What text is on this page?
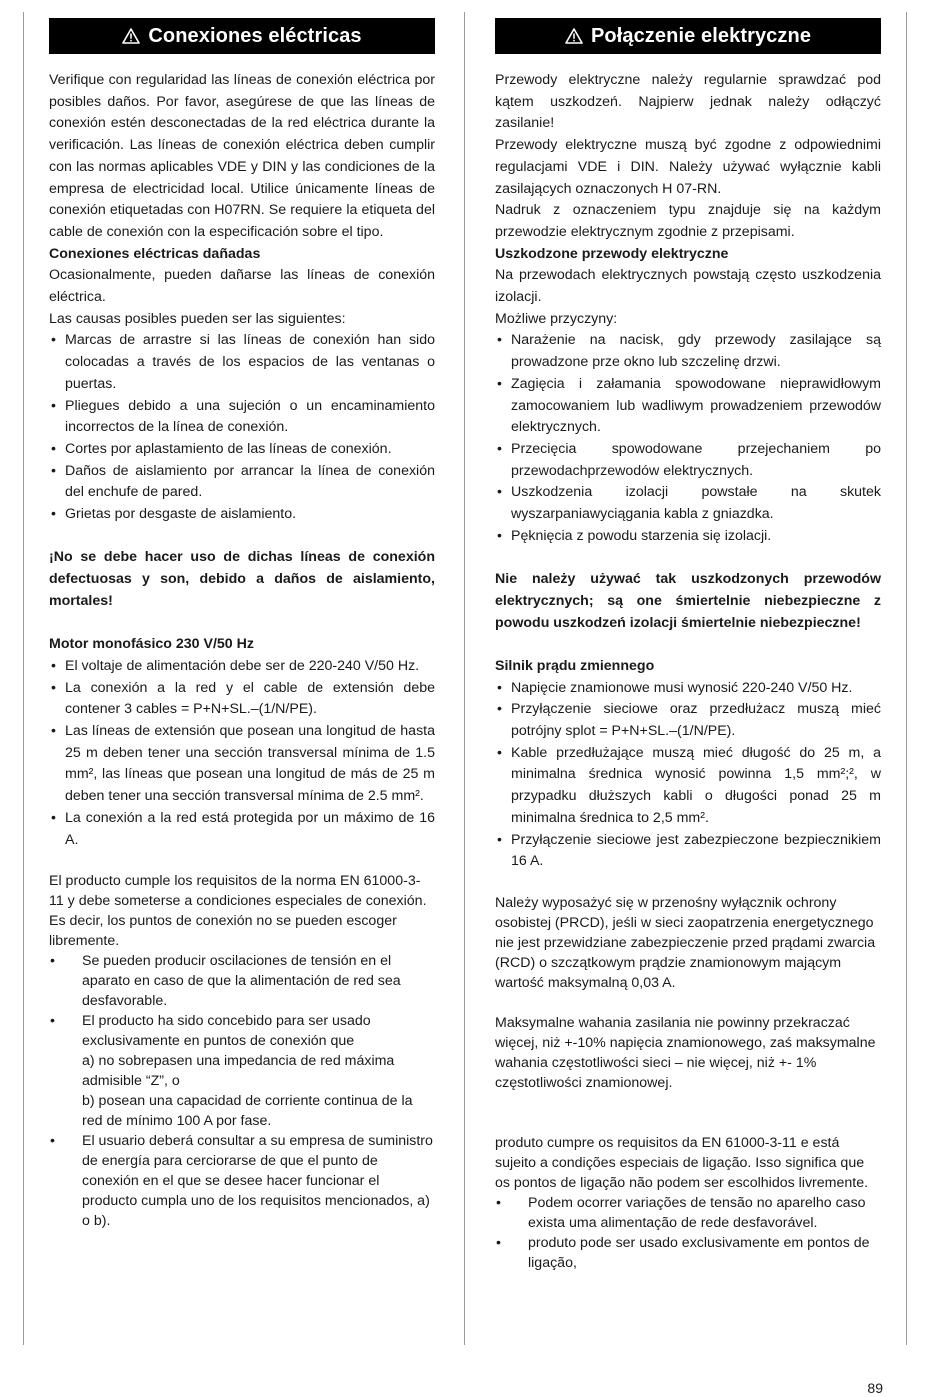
Conexiones eléctricas

Verifique con regularidad las líneas de conexión eléctrica por posibles daños. Por favor, asegúrese de que las líneas de conexión estén desconectadas de la red eléctrica durante la verificación. Las líneas de conexión eléctrica deben cumplir con las normas aplicables VDE y DIN y las condiciones de la empresa de electricidad local. Utilice únicamente líneas de conexión etiquetadas con H07RN. Se requiere la etiqueta del cable de conexión con la especificación sobre el tipo.

Conexiones eléctricas dañadas

Ocasionalmente, pueden dañarse las líneas de conexión eléctrica.

Las causas posibles pueden ser las siguientes:

• Marcas de arrastre si las líneas de conexión han sido colocadas a través de los espacios de las ventanas o puertas.
• Pliegues debido a una sujeción o un encaminamiento incorrectos de la línea de conexión.
• Cortes por aplastamiento de las líneas de conexión.
• Daños de aislamiento por arrancar la línea de conexión del enchufe de pared.
• Grietas por desgaste de aislamiento.

¡No se debe hacer uso de dichas líneas de conexión defectuosas y son, debido a daños de aislamiento, mortales!

Motor monofásico 230 V/50 Hz

• El voltaje de alimentación debe ser de 220-240 V/50 Hz.
• La conexión a la red y el cable de extensión debe contener 3 cables = P+N+SL.–(1/N/PE).
• Las líneas de extensión que posean una longitud de hasta 25 m deben tener una sección transversal mínima de 1.5 mm², las líneas que posean una longitud de más de 25 m deben tener una sección transversal mínima de 2.5 mm².
• La conexión a la red está protegida por un máximo de 16 A.

El producto cumple los requisitos de la norma EN 61000-3-11 y debe someterse a condiciones especiales de conexión. Es decir, los puntos de conexión no se pueden escoger libremente.

• Se pueden producir oscilaciones de tensión en el aparato en caso de que la alimentación de red sea desfavorable.
• El producto ha sido concebido para ser usado exclusivamente en puntos de conexión que
a) no sobrepasen una impedancia de red máxima admisible “Z”, o
b) posean una capacidad de corriente continua de la red de mínimo 100 A por fase.
• El usuario deberá consultar a su empresa de suministro de energía para cerciorarse de que el punto de conexión en el que se desee hacer funcionar el producto cumpla uno de los requisitos mencionados, a) o b).
Połączenie elektryczne

Przewody elektryczne należy regularnie sprawdzać pod kątem uszkodzeń. Najpierw jednak należy odłączyć zasilanie!

Przewody elektryczne muszą być zgodne z odpowiednimi regulacjami VDE i DIN. Należy używać wyłącznie kabli zasilających oznaczonych H 07-RN.

Nadruk z oznaczeniem typu znajduje się na każdym przewodzie elektrycznym zgodnie z przepisami.

Uszkodzone przewody elektryczne

Na przewodach elektrycznych powstają często uszkodzenia izolacji.

Możliwe przyczyny:

• Narażenie na nacisk, gdy przewody zasilające są prowadzone prze okno lub szczelinę drzwi.
• Zagięcia i załamania spowodowane nieprawidłowym zamocowaniem lub wadliwym prowadzeniem przewodów elektrycznych.
• Przecięcia spowodowane przejechaniem po przewodachprzewodów elektrycznych.
• Uszkodzenia izolacji powstałe na skutek wyszarpaniawyciągania kabla z gniazdka.
• Pęknięcia z powodu starzenia się izolacji.

Nie należy używać tak uszkodzonych przewodów elektrycznych; są one śmiertelnie niebezpieczne z powodu uszkodzeń izolacji śmiertelnie niebezpieczne!

Silnik prądu zmiennego

• Napięcie znamionowe musi wynosić 220-240 V/50 Hz.
• Przyłączenie sieciowe oraz przedłużacz muszą mieć potrójny splot = P+N+SL.–(1/N/PE).
• Kable przedłużające muszą mieć długość do 25 m, a minimalna średnica wynosić powinna 1,5 mm²;², w przypadku dłuższych kabli o długości ponad 25 m minimalna średnica to 2,5 mm².
• Przyłączenie sieciowe jest zabezpieczone bezpiecznikiem 16 A.

Należy wyposażyć się w przenośny wyłącznik ochrony osobistej (PRCD), jeśli w sieci zaopatrzenia energetycznego nie jest przewidziane zabezpieczenie przed prądami zwarcia (RCD) o szczątkowym prądzie znamionowym mającym wartość maksymalną 0,03 A.

Maksymalne wahania zasilania nie powinny przekraczać więcej, niż +-10% napięcia znamionowego, zaś maksymalne wahania częstotliwości sieci – nie więcej, niż +- 1% częstotliwości znamionowej.

produto cumpre os requisitos da EN 61000-3-11 e está sujeito a condições especiais de ligação. Isso significa que os pontos de ligação não podem ser escolhidos livremente.

• Podem ocorrer variações de tensão no aparelho caso exista uma alimentação de rede desfavorável.
• produto pode ser usado exclusivamente em pontos de ligação,
89
